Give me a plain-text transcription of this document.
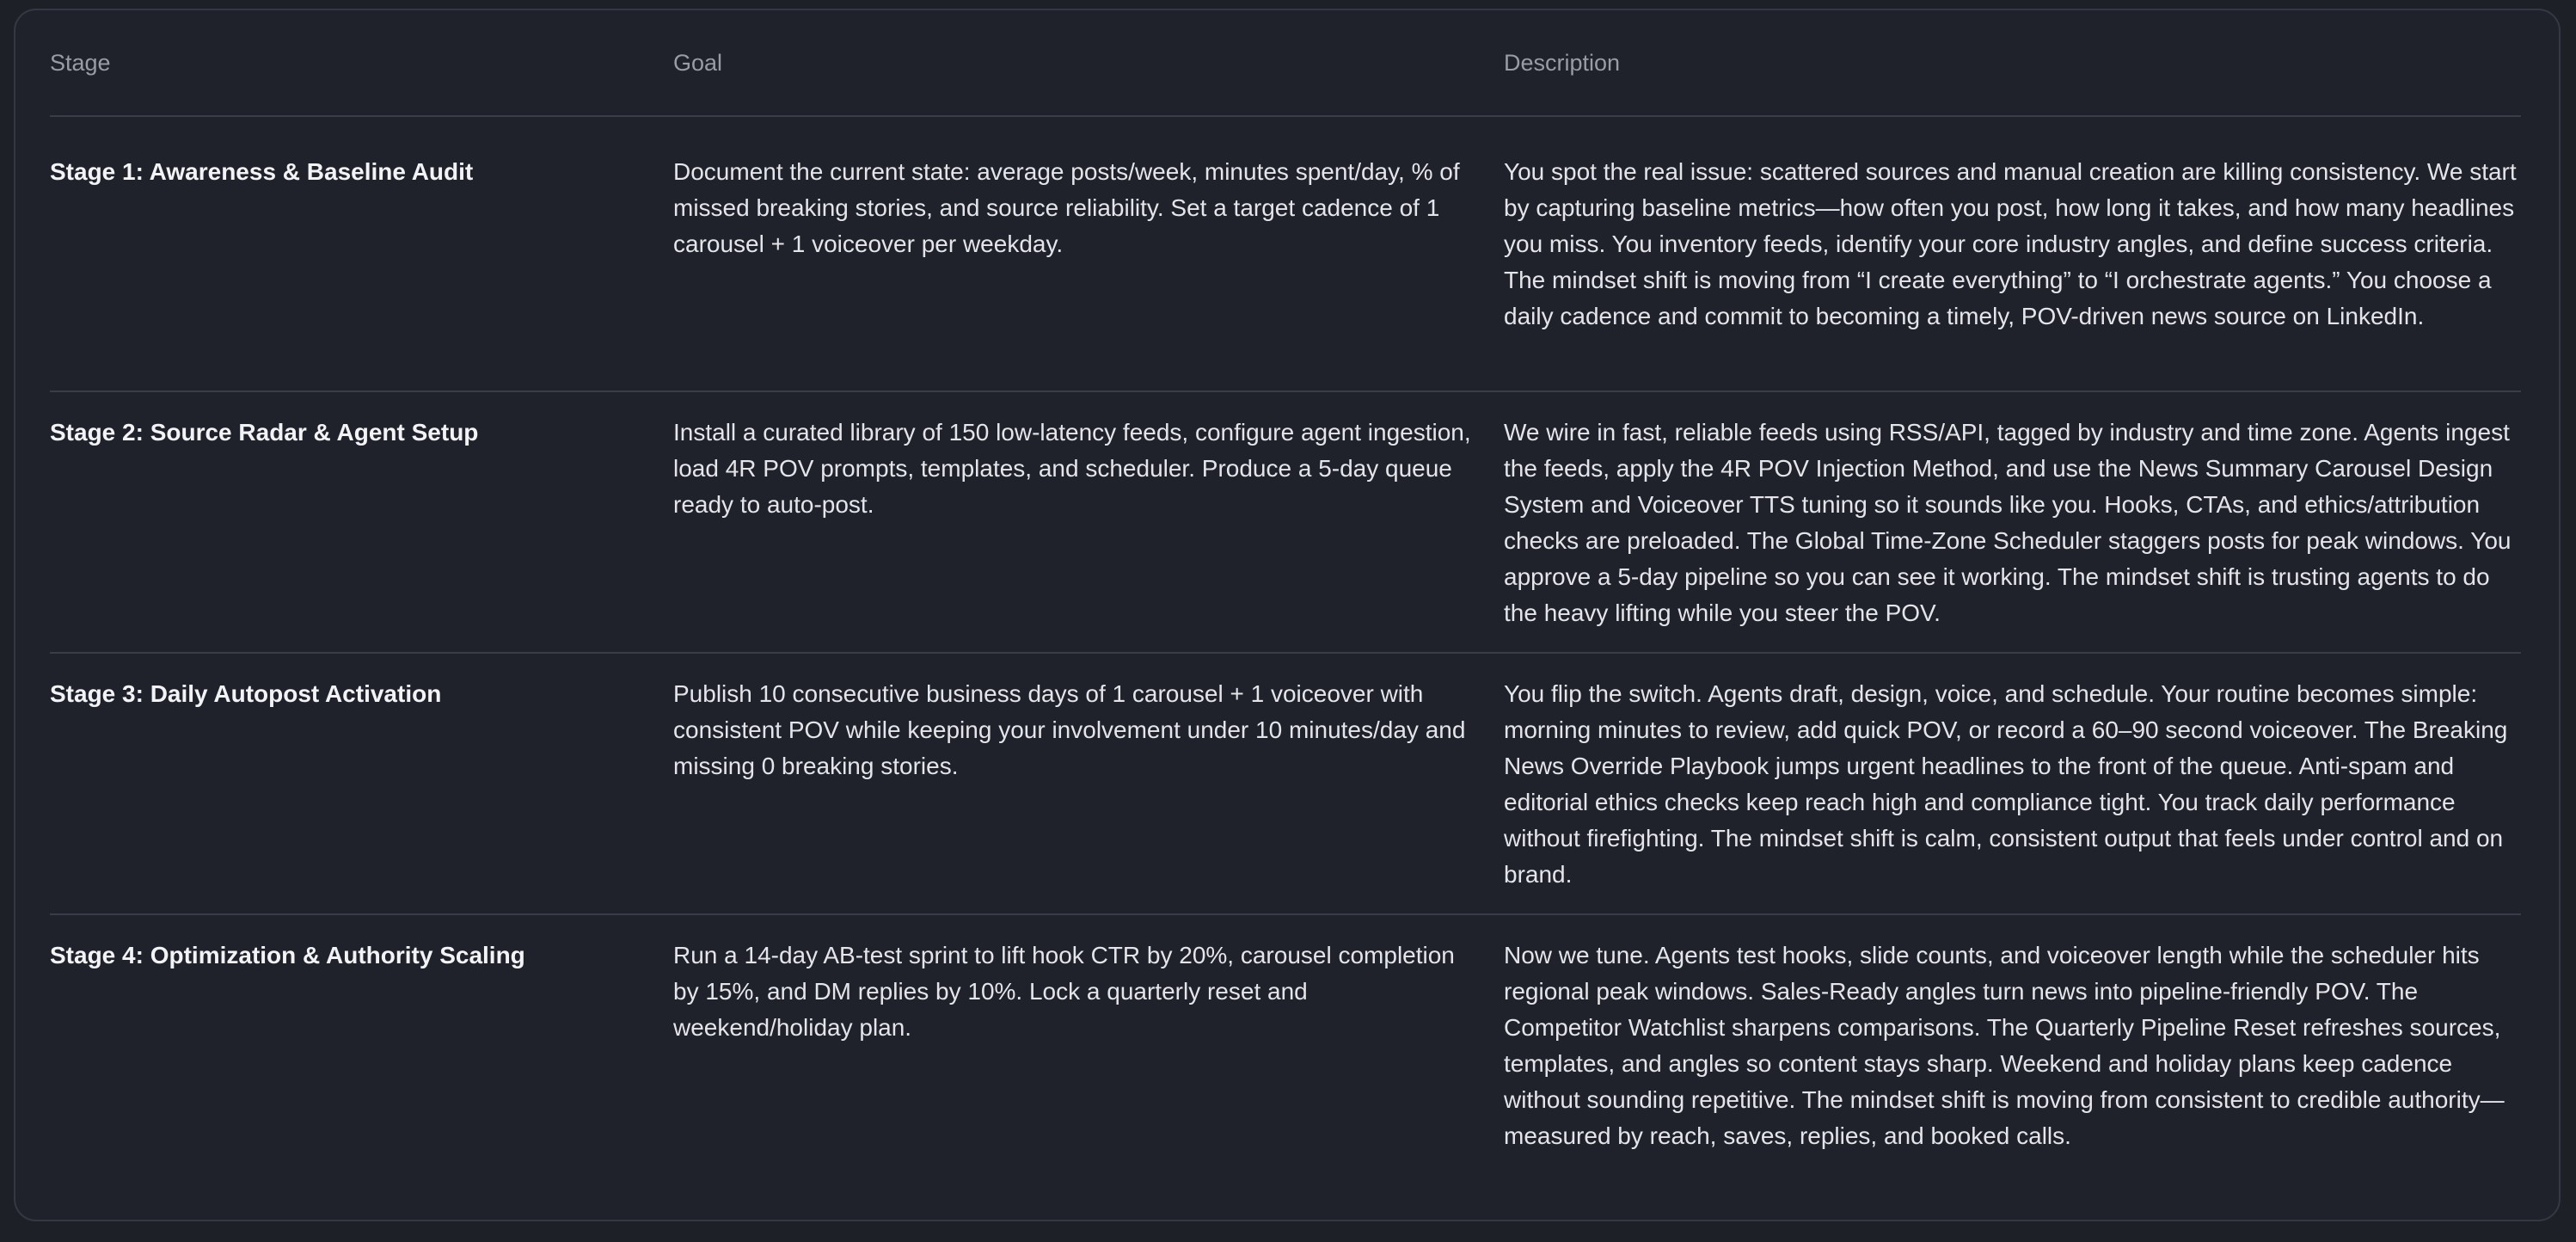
Stage	Goal	Description
Stage 1: Awareness & Baseline Audit	Document the current state: average posts/week, minutes spent/day, % of missed breaking stories, and source reliability. Set a target cadence of 1 carousel + 1 voiceover per weekday.	You spot the real issue: scattered sources and manual creation are killing consistency. We start by capturing baseline metrics—how often you post, how long it takes, and how many headlines you miss. You inventory feeds, identify your core industry angles, and define success criteria. The mindset shift is moving from “I create everything” to “I orchestrate agents.” You choose a daily cadence and commit to becoming a timely, POV-driven news source on LinkedIn.
Stage 2: Source Radar & Agent Setup	Install a curated library of 150 low-latency feeds, configure agent ingestion, load 4R POV prompts, templates, and scheduler. Produce a 5-day queue ready to auto-post.	We wire in fast, reliable feeds using RSS/API, tagged by industry and time zone. Agents ingest the feeds, apply the 4R POV Injection Method, and use the News Summary Carousel Design System and Voiceover TTS tuning so it sounds like you. Hooks, CTAs, and ethics/attribution checks are preloaded. The Global Time-Zone Scheduler staggers posts for peak windows. You approve a 5-day pipeline so you can see it working. The mindset shift is trusting agents to do the heavy lifting while you steer the POV.
Stage 3: Daily Autopost Activation	Publish 10 consecutive business days of 1 carousel + 1 voiceover with consistent POV while keeping your involvement under 10 minutes/day and missing 0 breaking stories.	You flip the switch. Agents draft, design, voice, and schedule. Your routine becomes simple: morning minutes to review, add quick POV, or record a 60–90 second voiceover. The Breaking News Override Playbook jumps urgent headlines to the front of the queue. Anti-spam and editorial ethics checks keep reach high and compliance tight. You track daily performance without firefighting. The mindset shift is calm, consistent output that feels under control and on brand.
Stage 4: Optimization & Authority Scaling	Run a 14-day AB-test sprint to lift hook CTR by 20%, carousel completion by 15%, and DM replies by 10%. Lock a quarterly reset and weekend/holiday plan.	Now we tune. Agents test hooks, slide counts, and voiceover length while the scheduler hits regional peak windows. Sales-Ready angles turn news into pipeline-friendly POV. The Competitor Watchlist sharpens comparisons. The Quarterly Pipeline Reset refreshes sources, templates, and angles so content stays sharp. Weekend and holiday plans keep cadence without sounding repetitive. The mindset shift is moving from consistent to credible authority—measured by reach, saves, replies, and booked calls.
